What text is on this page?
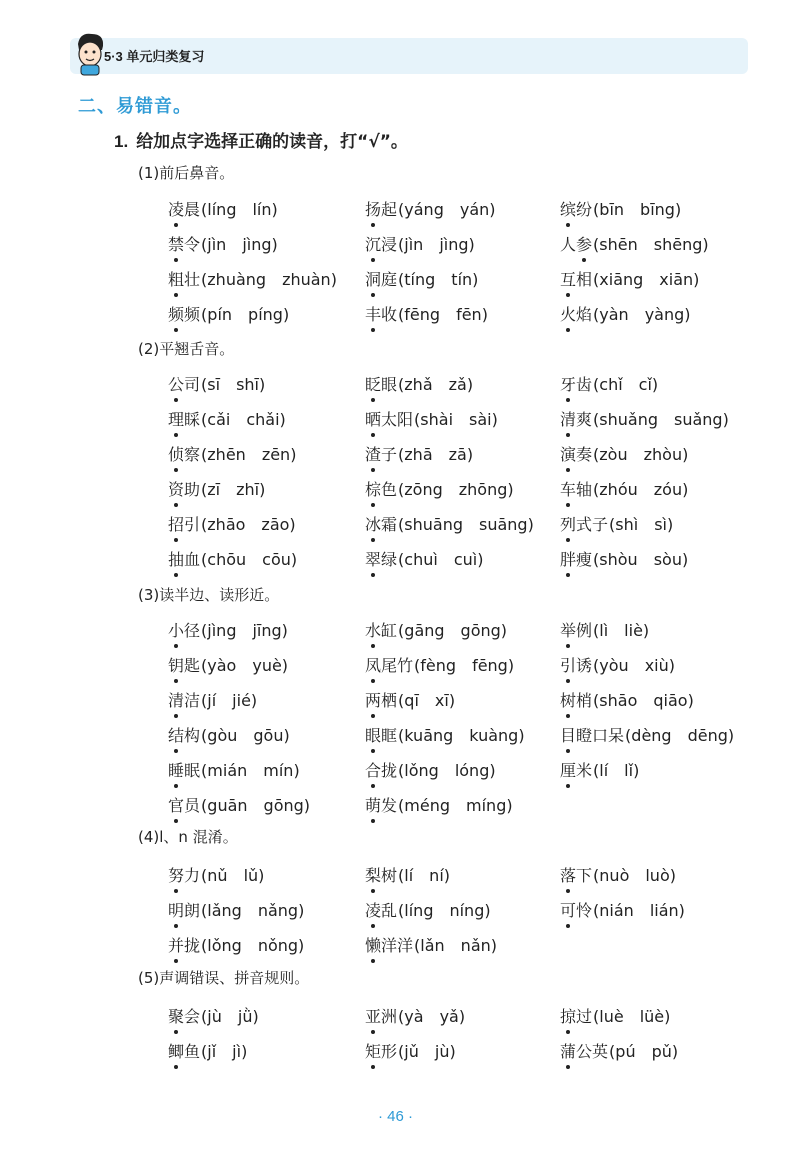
5·3 单元归类复习
二、易错音。
1. 给加点字选择正确的读音，打“√”。
(1)前后鼻音。
凌晨(líng lín)	扬起(yáng yán)	缤纷(bīn bīng)
禁令(jìn jìng)	沉浸(jìn jìng)	人参(shēn shēng)
粗壮(zhuàng zhuàn) 洞庭(tíng tín)	互相(xiāng xiān)
频频(pín píng)	丰收(fēng fēn)	火焰(yàn yàng)
(2)平翘舌音。
公司(sī shī)	眨眼(zhǎ zǎ)	牙齿(chǐ cǐ)
理睬(cǎi chǎi)	晒太阳(shài sài)	清爽(shuǎng suǎng)
侦察(zhēn zēn)	渣子(zhā zā)	演奏(zòu zhòu)
资助(zī zhī)	棕色(zōng zhōng)	车轴(zhóu zóu)
招引(zhāo zāo)	冰霜(shuāng suāng) 列式子(shì sì)
抽血(chōu cōu)	翠绿(chuì cuì)	胖瘦(shòu sòu)
(3)读半边、读形近。
小径(jìng jīng)	水缸(gāng gōng)	举例(lì liè)
钥匙(yào yuè)	凤尾竹(fèng fēng)	引诱(yòu xiù)
清洁(jí jié)	两栖(qī xī)	树梢(shāo qiāo)
结构(gòu gōu)	眼眶(kuāng kuàng) 目瞪口呆(dèng dēng)
睡眠(mián mín)	合拢(lǒng lóng)	厘米(lí lǐ)
官员(guān gōng)	萌发(méng míng)
(4)l、n 混淆。
努力(nǔ lǔ)	梨树(lí ní)	落下(nuò luò)
明朗(lǎng nǎng)	凌乱(líng níng)	可怜(nián lián)
并拢(lǒng nǒng)	懒洋洋(lǎn nǎn)
(5)声调错误、拼音规则。
聚会(jù jǜ)	亚洲(yà yǎ)	掠过(luè lüè)
鲫鱼(jǐ jì)	矩形(jǔ jù)	蒲公英(pú pǔ)
· 46 ·
